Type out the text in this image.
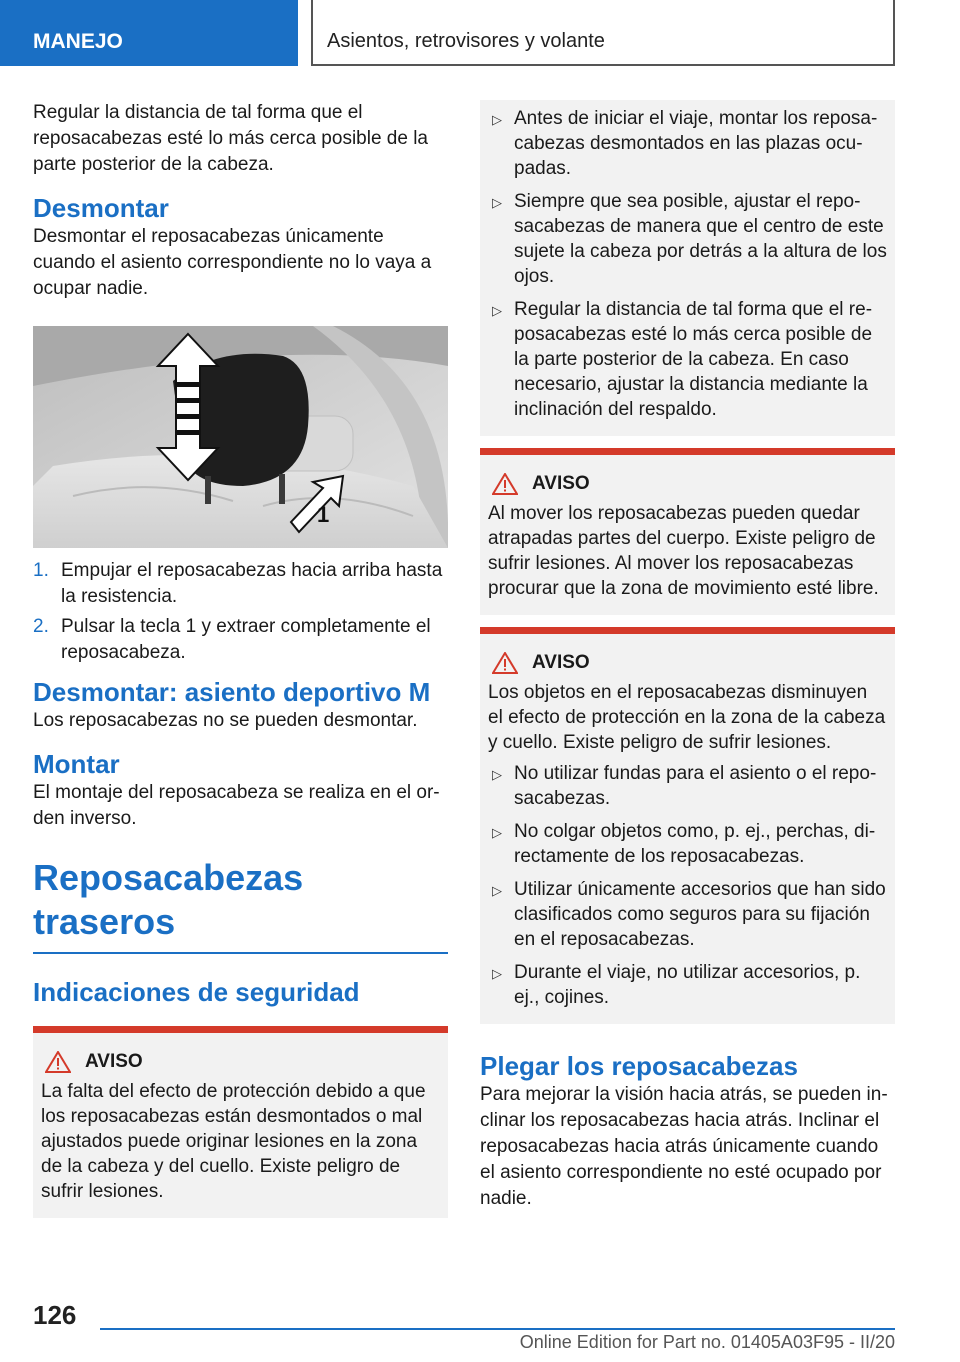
MANEJO	Asientos, retrovisores y volante

Regular la distancia de tal forma que el reposacabezas esté lo más cerca posible de la parte posterior de la cabeza.

Desmontar

Desmontar el reposacabezas únicamente cuando el asiento correspondiente no lo vaya a ocupar nadie.

1
1. Empujar el reposacabezas hacia arriba hasta la resistencia.
2. Pulsar la tecla 1 y extraer completamente el reposacabeza.
Desmontar: asiento deportivo M

Los reposacabezas no se pueden desmontar.

Montar

El montaje del reposacabeza se realiza en el orden inverso.

Reposacabezas traseros
Indicaciones de seguridad
AVISO

La falta del efecto de protección debido a que los reposacabezas están desmontados o mal ajustados puede originar lesiones en la zona de la cabeza y del cuello. Existe peligro de sufrir lesiones.

▷ Antes de iniciar el viaje, montar los reposacabezas desmontados en las plazas ocupadas.
▷ Siempre que sea posible, ajustar el reposacabezas de manera que el centro de este sujete la cabeza por detrás a la altura de los ojos.
▷ Regular la distancia de tal forma que el reposacabezas esté lo más cerca posible de la parte posterior de la cabeza. En caso necesario, ajustar la distancia mediante la inclinación del respaldo.
AVISO

Al mover los reposacabezas pueden quedar atrapadas partes del cuerpo. Existe peligro de sufrir lesiones. Al mover los reposacabezas procurar que la zona de movimiento esté libre.

AVISO

Los objetos en el reposacabezas disminuyen el efecto de protección en la zona de la cabeza y cuello. Existe peligro de sufrir lesiones.

▷ No utilizar fundas para el asiento o el reposacabezas.
▷ No colgar objetos como, p. ej., perchas, directamente de los reposacabezas.
▷ Utilizar únicamente accesorios que han sido clasificados como seguros para su fijación en el reposacabezas.
▷ Durante el viaje, no utilizar accesorios, p. ej., cojines.
Plegar los reposacabezas

Para mejorar la visión hacia atrás, se pueden inclinar los reposacabezas hacia atrás. Inclinar el reposacabezas hacia atrás únicamente cuando el asiento correspondiente no esté ocupado por nadie.

126
Online Edition for Part no. 01405A03F95 - II/20
